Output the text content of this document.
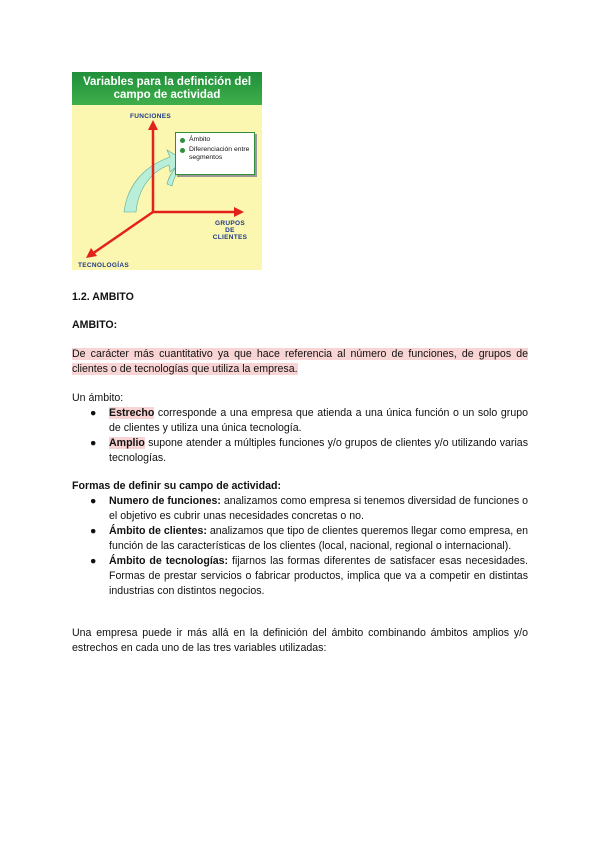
Variables para la definición del
campo de actividad
FUNCIONES
GRUPOS DE
CLIENTES
TECNOLOGÍAS
Ámbito
Diferenciación entre segmentos
1.2. AMBITO
AMBITO:
De carácter más cuantitativo ya que hace referencia al número de funciones, de grupos de clientes o de tecnologías que utiliza la empresa.
Un ámbito:
●	Estrecho corresponde a una empresa que atienda a una única función o un solo grupo de clientes y utiliza una única tecnología.
●	Amplio supone atender a múltiples funciones y/o grupos de clientes y/o utilizando varias tecnologías.
Formas de definir su campo de actividad:
●	Numero de funciones: analizamos como empresa si tenemos diversidad de funciones o el objetivo es cubrir unas necesidades concretas o no.
●	Ámbito de clientes: analizamos que tipo de clientes queremos llegar como empresa, en función de las características de los clientes (local, nacional, regional o internacional).
●	Ámbito de tecnologías: fijarnos las formas diferentes de satisfacer esas necesidades. Formas de prestar servicios o fabricar productos, implica que va a competir en distintas industrias con distintos negocios.
Una empresa puede ir más allá en la definición del ámbito combinando ámbitos amplios y/o estrechos en cada uno de las tres variables utilizadas:
